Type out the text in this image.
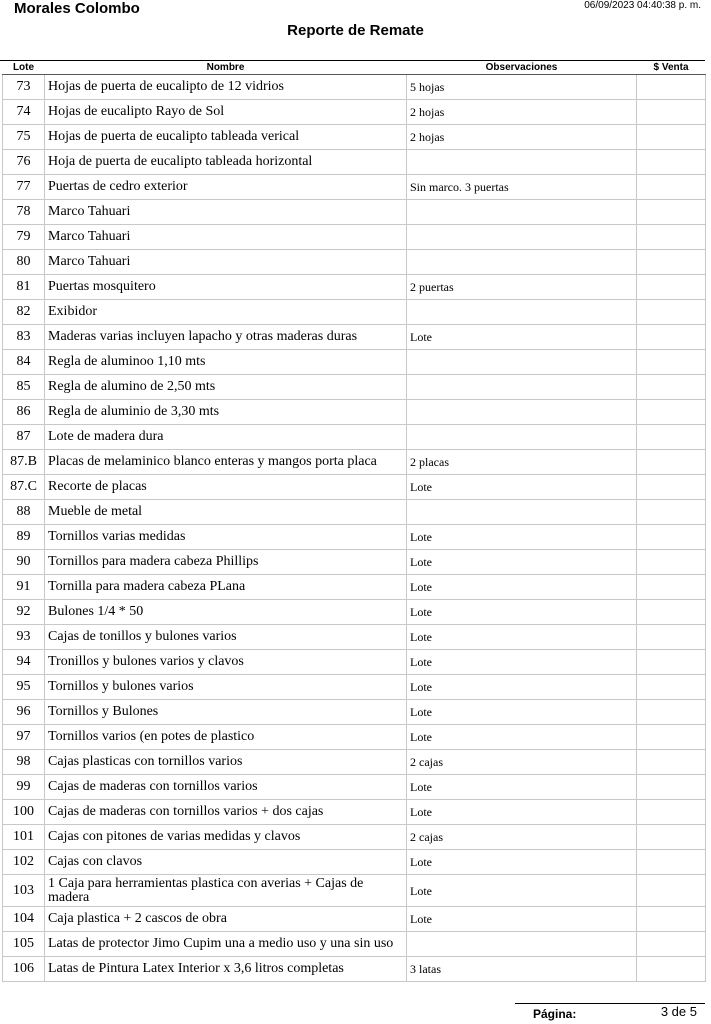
Morales Colombo	06/09/2023 04:40:38 p. m.
Reporte de Remate
Lote	Nombre	Observaciones	$ Venta
73	Hojas de puerta de eucalipto de 12 vidrios	5 hojas	
74	Hojas de eucalipto Rayo de Sol	2 hojas	
75	Hojas de puerta de eucalipto tableada verical	2 hojas	
76	Hoja de puerta de eucalipto tableada horizontal		
77	Puertas de cedro exterior	Sin marco. 3 puertas	
78	Marco Tahuari		
79	Marco Tahuari		
80	Marco Tahuari		
81	Puertas mosquitero	2 puertas	
82	Exibidor		
83	Maderas varias incluyen lapacho y otras maderas duras	Lote	
84	Regla de aluminoo 1,10 mts		
85	Regla de alumino de 2,50 mts		
86	Regla de aluminio de 3,30 mts		
87	Lote de madera dura		
87.B	Placas de melaminico blanco enteras y mangos porta placa	2 placas	
87.C	Recorte de placas	Lote	
88	Mueble de metal		
89	Tornillos varias medidas	Lote	
90	Tornillos para madera cabeza Phillips	Lote	
91	Tornilla para madera cabeza PLana	Lote	
92	Bulones 1/4 * 50	Lote	
93	Cajas de tonillos y bulones varios	Lote	
94	Tronillos y bulones varios y clavos	Lote	
95	Tornillos y bulones varios	Lote	
96	Tornillos y Bulones	Lote	
97	Tornillos varios (en potes de plastico	Lote	
98	Cajas plasticas con tornillos varios	2 cajas	
99	Cajas de maderas con tornillos varios	Lote	
100	Cajas de maderas con tornillos varios + dos cajas	Lote	
101	Cajas con pitones de varias medidas y clavos	2 cajas	
102	Cajas con clavos	Lote	
103	1 Caja para herramientas plastica con averias + Cajas de madera	Lote	
104	Caja plastica + 2 cascos de obra	Lote	
105	Latas de protector Jimo Cupim una a medio uso y una sin uso		
106	Latas de Pintura Latex Interior x 3,6 litros completas	3 latas	
Página:	3 de 5
